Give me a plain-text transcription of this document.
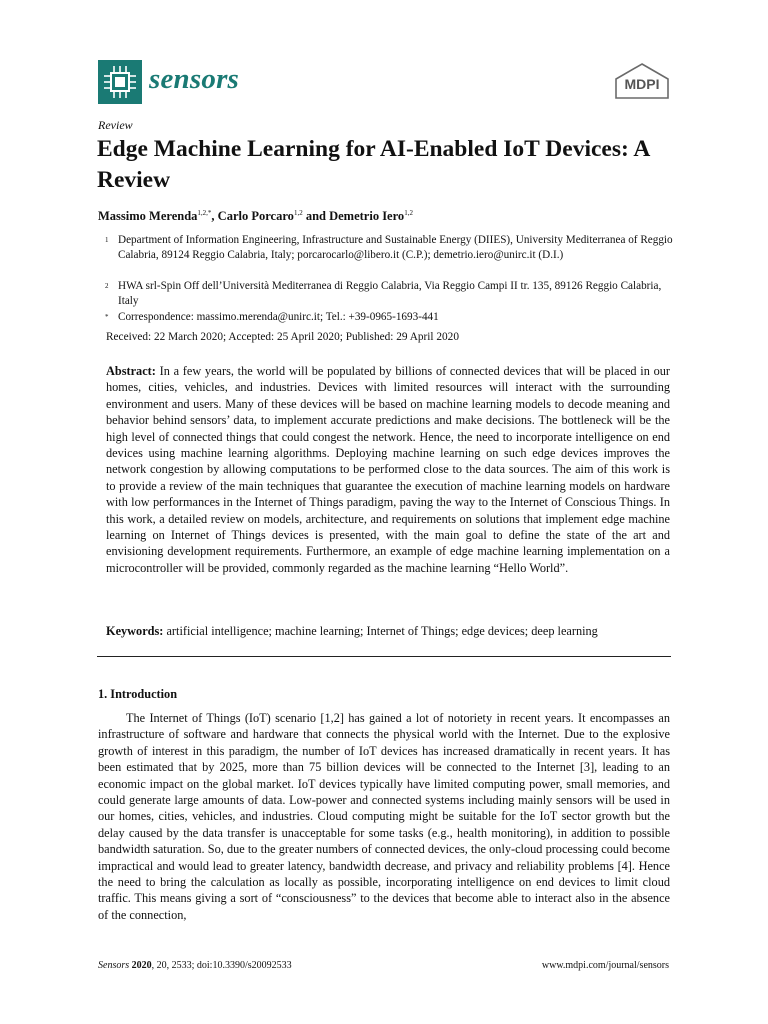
sensors	MDPI
Review
Edge Machine Learning for AI-Enabled IoT Devices: A Review
Massimo Merenda$^{1,2,*}$, Carlo Porcaro$^{1,2}$ and Demetrio Iero$^{1,2}$
1 Department of Information Engineering, Infrastructure and Sustainable Energy (DIIES), University Mediterranea of Reggio Calabria, 89124 Reggio Calabria, Italy; porcarocarlo@libero.it (C.P.); demetrio.iero@unirc.it (D.I.)
2 HWA srl-Spin Off dell’Università Mediterranea di Reggio Calabria, Via Reggio Campi II tr. 135, 89126 Reggio Calabria, Italy
* Correspondence: massimo.merenda@unirc.it; Tel.: +39-0965-1693-441
Received: 22 March 2020; Accepted: 25 April 2020; Published: 29 April 2020
Abstract: In a few years, the world will be populated by billions of connected devices that will be placed in our homes, cities, vehicles, and industries. Devices with limited resources will interact with the surrounding environment and users. Many of these devices will be based on machine learning models to decode meaning and behavior behind sensors’ data, to implement accurate predictions and make decisions. The bottleneck will be the high level of connected things that could congest the network. Hence, the need to incorporate intelligence on end devices using machine learning algorithms. Deploying machine learning on such edge devices improves the network congestion by allowing computations to be performed close to the data sources. The aim of this work is to provide a review of the main techniques that guarantee the execution of machine learning models on hardware with low performances in the Internet of Things paradigm, paving the way to the Internet of Conscious Things. In this work, a detailed review on models, architecture, and requirements on solutions that implement edge machine learning on Internet of Things devices is presented, with the main goal to define the state of the art and envisioning development requirements. Furthermore, an example of edge machine learning implementation on a microcontroller will be provided, commonly regarded as the machine learning “Hello World”.
Keywords: artificial intelligence; machine learning; Internet of Things; edge devices; deep learning
1. Introduction
The Internet of Things (IoT) scenario [1,2] has gained a lot of notoriety in recent years. It encompasses an infrastructure of software and hardware that connects the physical world with the Internet. Due to the explosive growth of interest in this paradigm, the number of IoT devices has increased dramatically in recent years. It has been estimated that by 2025, more than 75 billion devices will be connected to the Internet [3], leading to an economic impact on the global market. IoT devices typically have limited computing power, small memories, and could generate large amounts of data. Low-power and connected systems including mainly sensors will be used in our homes, cities, vehicles, and industries. Cloud computing might be suitable for the IoT sector growth but the delay caused by the data transfer is unacceptable for some tasks (e.g., health monitoring), in addition to possible bandwidth saturation. So, due to the greater numbers of connected devices, the only-cloud processing could become impractical and would lead to greater latency, bandwidth decrease, and privacy and reliability problems [4]. Hence the need to bring the calculation as locally as possible, incorporating intelligence on end devices to limit cloud traffic. This means giving a sort of “consciousness” to the devices that become able to interact also in the absence of the connection,
Sensors 2020, 20, 2533; doi:10.3390/s20092533	www.mdpi.com/journal/sensors
